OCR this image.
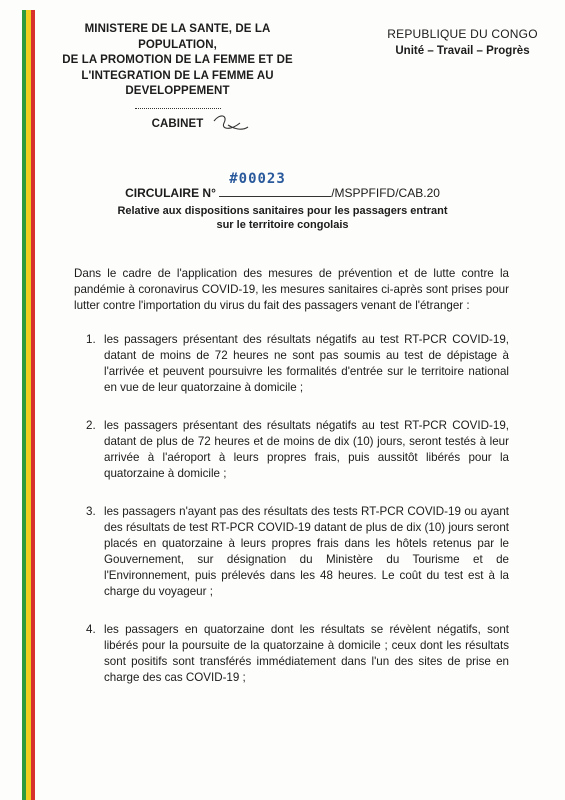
MINISTERE DE LA SANTE, DE LA POPULATION,
DE LA PROMOTION DE LA FEMME ET DE
L'INTEGRATION DE LA FEMME AU
DEVELOPPEMENT
CABINET
REPUBLIQUE DU CONGO
Unité – Travail – Progrès
CIRCULAIRE N°
#00023
/MSPPFIFD/CAB.20
Relative aux dispositions sanitaires pour les passagers entrant
sur le territoire congolais

Dans le cadre de l'application des mesures de prévention et de lutte contre la pandémie à coronavirus COVID-19, les mesures sanitaires ci-après sont prises pour lutter contre l'importation du virus du fait des passagers venant de l'étranger :

1. les passagers présentant des résultats négatifs au test RT-PCR COVID-19, datant de moins de 72 heures ne sont pas soumis au test de dépistage à l'arrivée et peuvent poursuivre les formalités d'entrée sur le territoire national en vue de leur quatorzaine à domicile ;
2. les passagers présentant des résultats négatifs au test RT-PCR COVID-19, datant de plus de 72 heures et de moins de dix (10) jours, seront testés à leur arrivée à l'aéroport à leurs propres frais, puis aussitôt libérés pour la quatorzaine à domicile ;
3. les passagers n'ayant pas des résultats des tests RT-PCR COVID-19 ou ayant des résultats de test RT-PCR COVID-19 datant de plus de dix (10) jours seront placés en quatorzaine à leurs propres frais dans les hôtels retenus par le Gouvernement, sur désignation du Ministère du Tourisme et de l'Environnement, puis prélevés dans les 48 heures. Le coût du test est à la charge du voyageur ;
4. les passagers en quatorzaine dont les résultats se révèlent négatifs, sont libérés pour la poursuite de la quatorzaine à domicile ; ceux dont les résultats sont positifs sont transférés immédiatement dans l'un des sites de prise en charge des cas COVID-19 ;
